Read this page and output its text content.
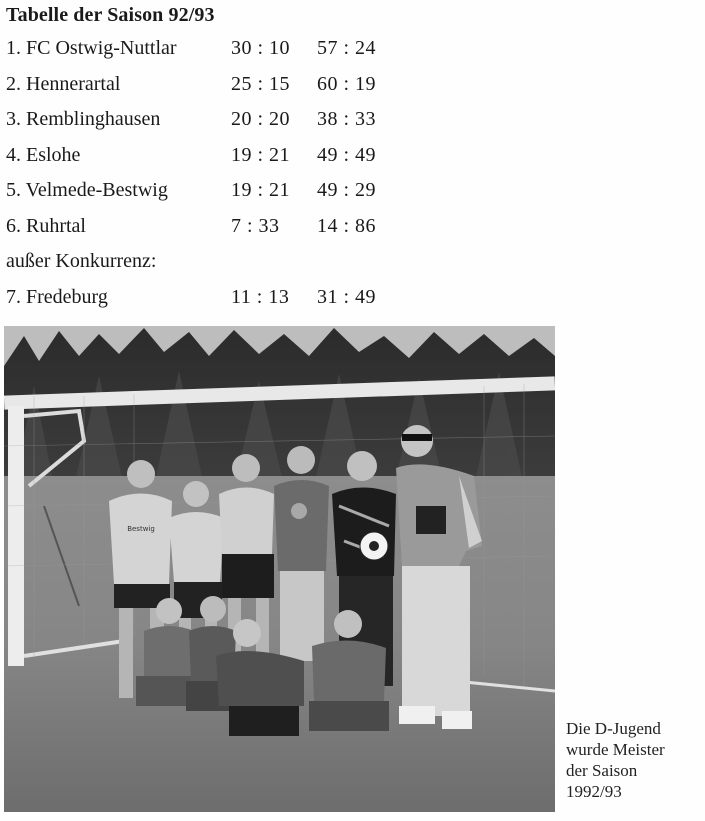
Tabelle der Saison 92/93
1. FC Ostwig-Nuttlar	30 : 10 57 : 24
2. Hennerartal	25 : 15 60 : 19
3. Remblinghausen	20 : 20 38 : 33
4. Eslohe	19 : 21 49 : 49
5. Velmede-Bestwig	19 : 21 49 : 29
6. Ruhrtal	7 : 33 14 : 86
außer Konkurrenz:
7. Fredeburg	11 : 13 31 : 49
Bestwig
Die D-Jugend
wurde Meister
der Saison
1992/93
